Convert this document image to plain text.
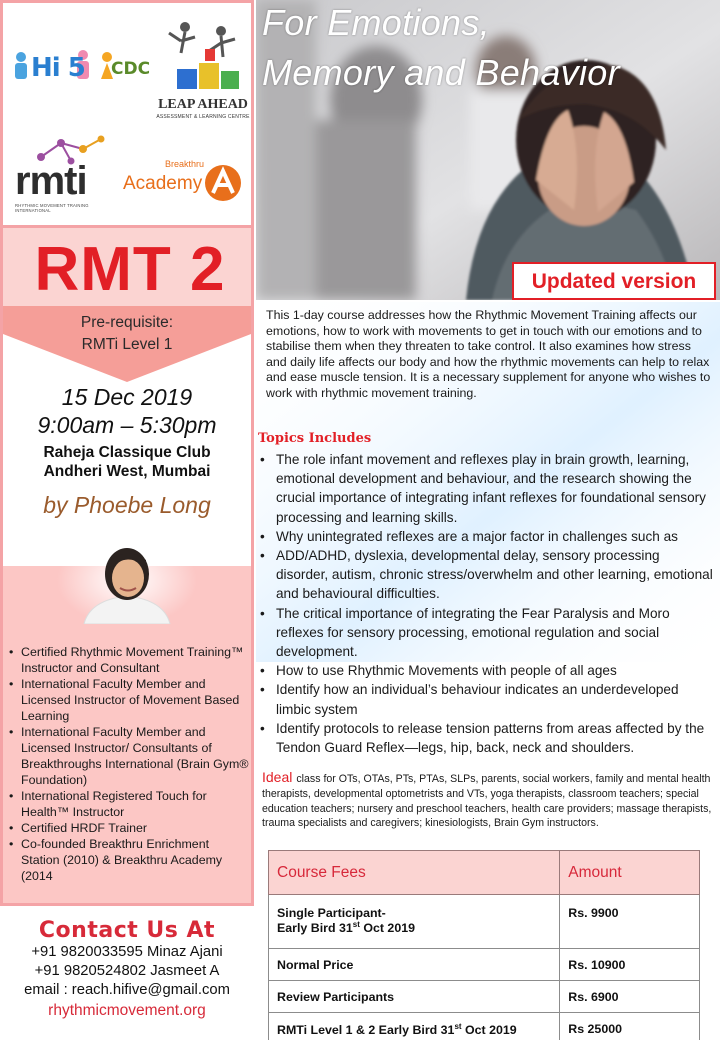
Hi 5 CDC
LEAP AHEAD
ASSESSMENT & LEARNING CENTRE
rmti
RHYTHMIC MOVEMENT TRAINING INTERNATIONAL
Breakthru
Academy
RMT 2
Pre-requisite:
RMTi Level 1
15 Dec 2019
9:00am – 5:30pm
Raheja Classique Club
Andheri West, Mumbai
by Phoebe Long
• Certified Rhythmic Movement Training™ Instructor and Consultant
• International Faculty Member and Licensed Instructor of Movement Based Learning
• International Faculty Member and Licensed Instructor/ Consultants of Breakthroughs International (Brain Gym® Foundation)
• International Registered Touch for Health™ Instructor
• Certified HRDF Trainer
• Co-founded Breakthru Enrichment Station (2010) & Breakthru Academy (2014
Contact Us At
+91 9820033595 Minaz Ajani
+91 9820524802 Jasmeet A
email : reach.hifive@gmail.com
rhythmicmovement.org
For Emotions,
Memory and Behavior
Updated version
This 1-day course addresses how the Rhythmic Movement Training affects our emotions, how to work with movements to get in touch with our emotions and to stabilise them when they threaten to take control. It also examines how stress and daily life affects our body and how the rhythmic movements can help to relax and ease muscle tension. It is a necessary supplement for anyone who wishes to work with rhythmic movement training.
Topics Includes
• The role infant movement and reflexes play in brain growth, learning, emotional development and behaviour, and the research showing the crucial importance of integrating infant reflexes for foundational sensory processing and learning skills.
• Why unintegrated reflexes are a major factor in challenges such as
• ADD/ADHD, dyslexia, developmental delay, sensory processing disorder, autism, chronic stress/overwhelm and other learning, emotional and behavioural difficulties.
• The critical importance of integrating the Fear Paralysis and Moro reflexes for sensory processing, emotional regulation and social development.
• How to use Rhythmic Movements with people of all ages
• Identify how an individual’s behaviour indicates an underdeveloped limbic system
• Identify protocols to release tension patterns from areas affected by the Tendon Guard Reflex—legs, hip, back, neck and shoulders.
Ideal class for OTs, OTAs, PTs, PTAs, SLPs, parents, social workers, family and mental health therapists, developmental optometrists and VTs, yoga therapists, classroom teachers; special education teachers; nursery and preschool teachers, health care providers; massage therapists, trauma specialists and caregivers; kinesiologists, Brain Gym instructors.
Course Fees	Amount

Single Participant-
Early Bird 31st Oct 2019	Rs. 9900
Normal Price	Rs. 10900
Review Participants	Rs. 6900
RMTi Level 1 & 2 Early Bird 31st Oct 2019	Rs 25000
